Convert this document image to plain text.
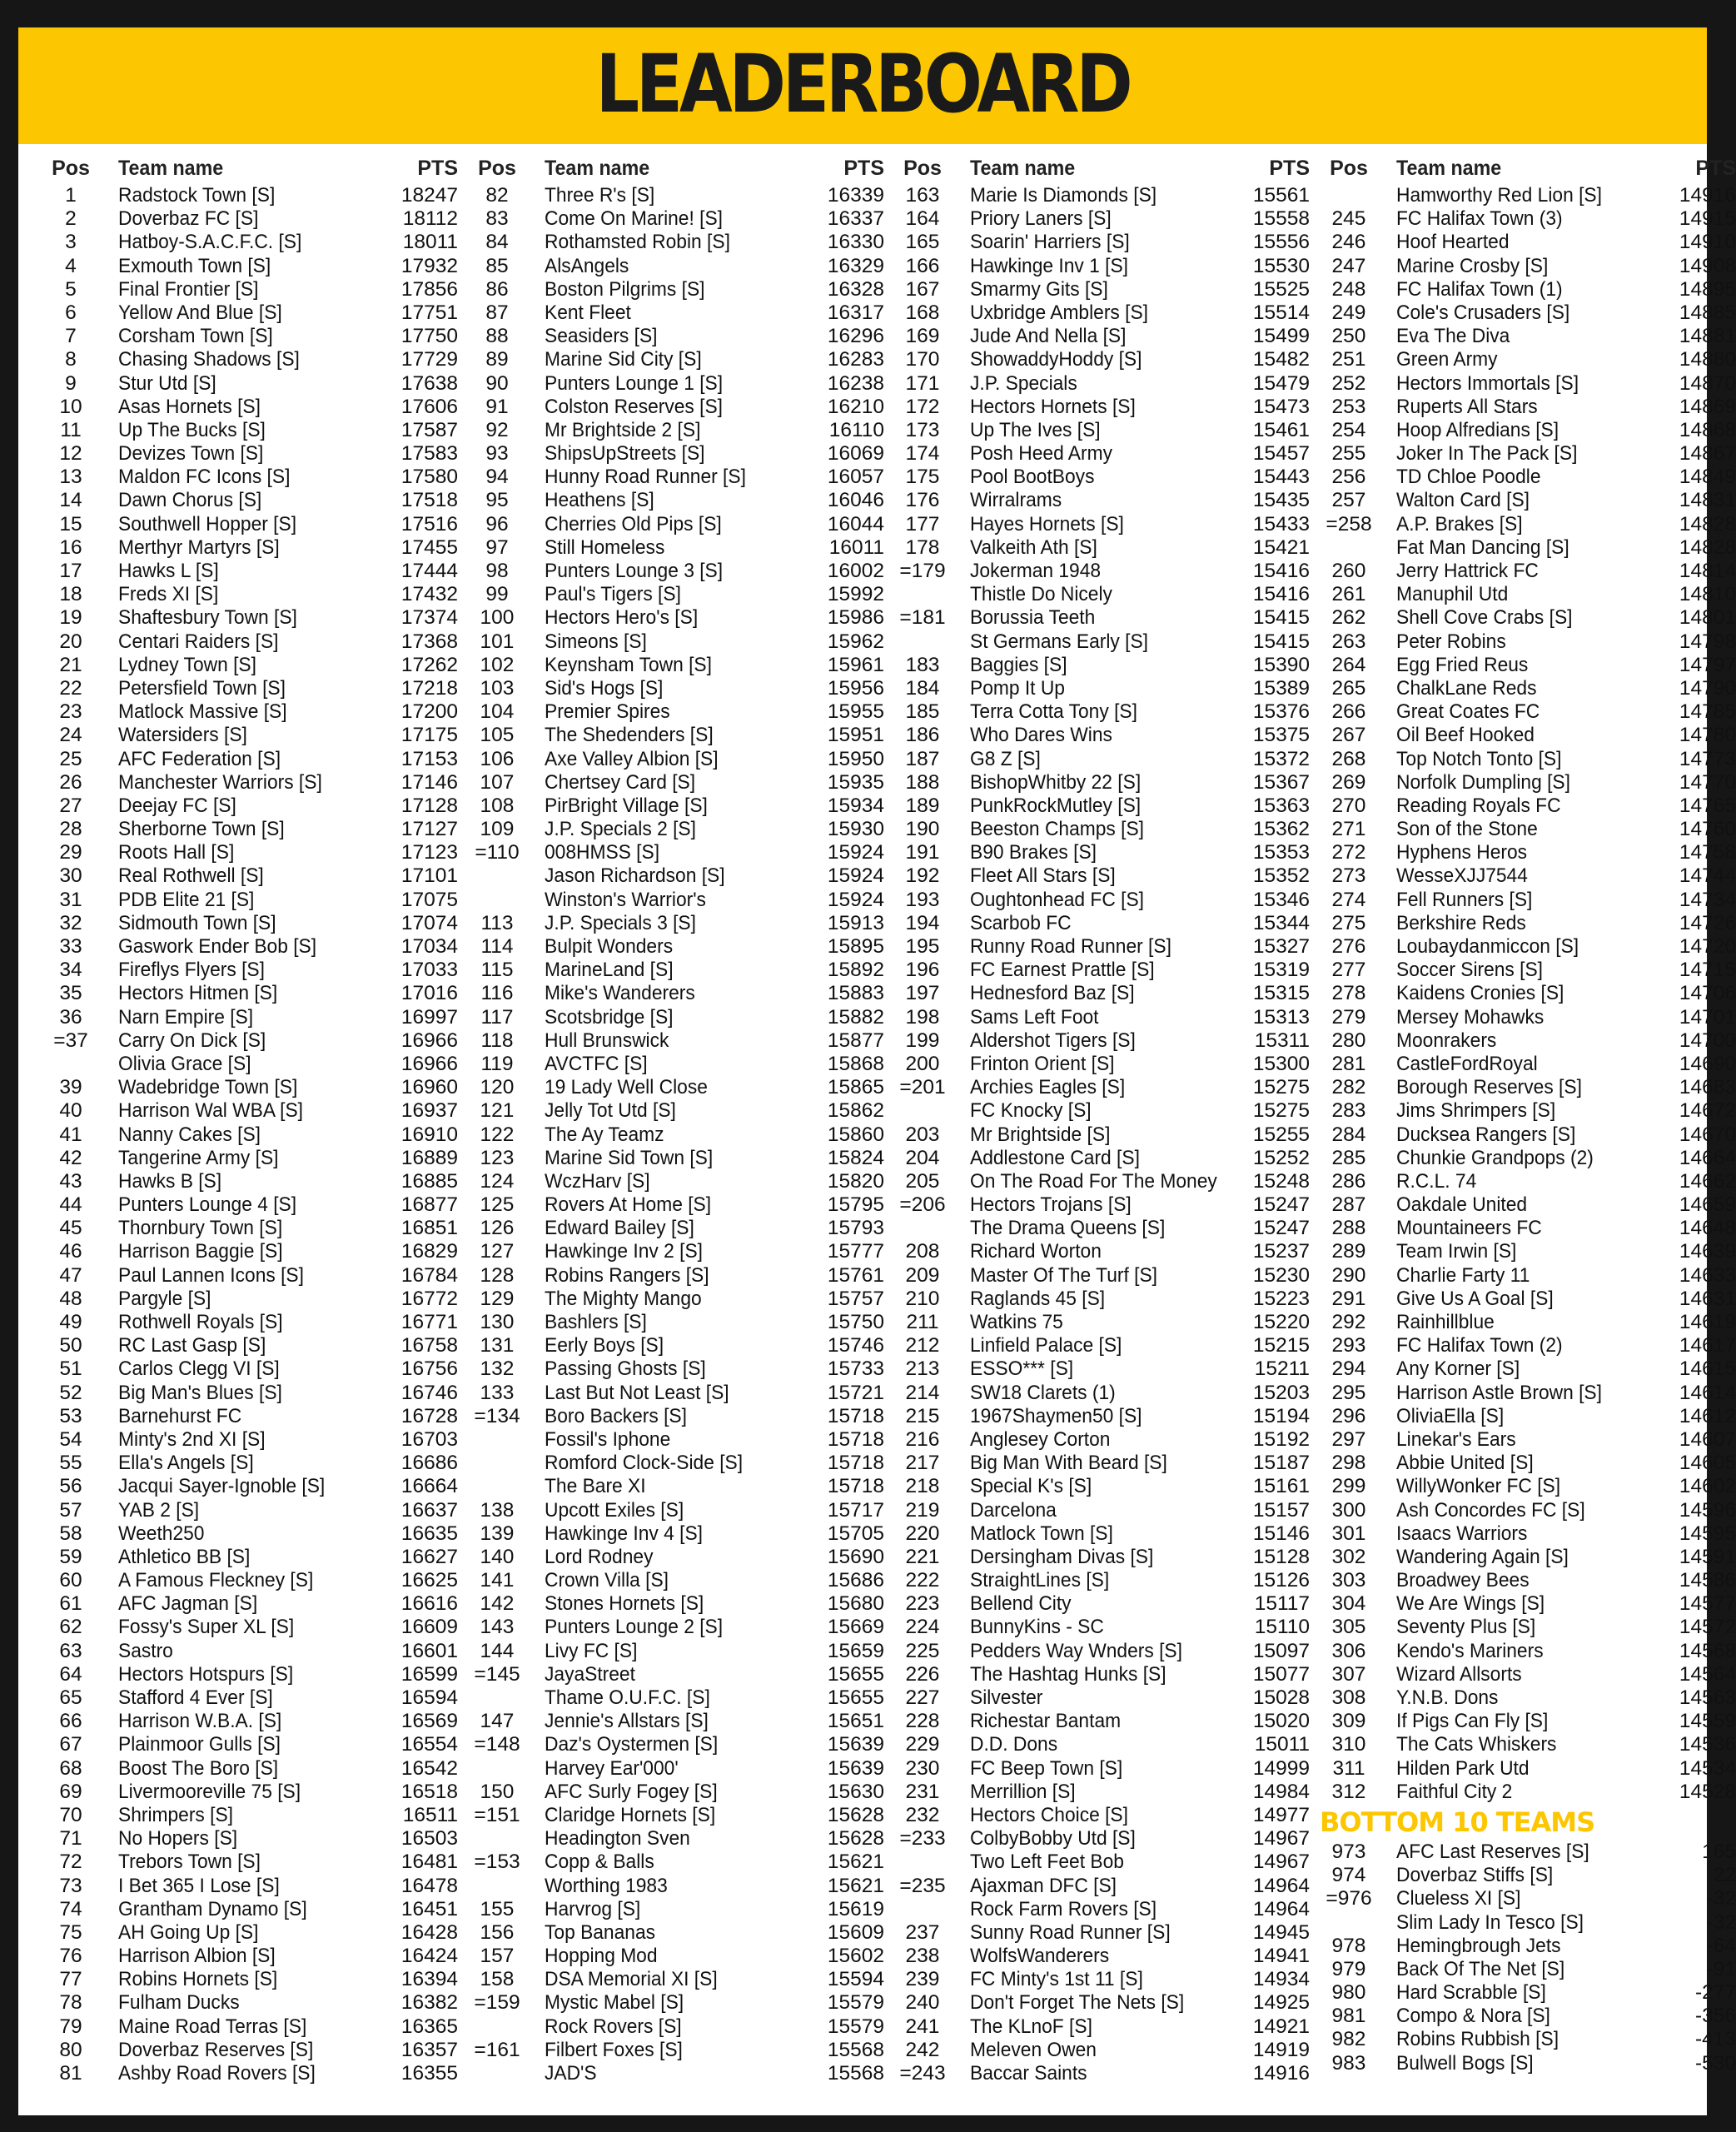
LEADERBOARD
Pos	Team name	PTS
1	Radstock Town [S]	18247
2	Doverbaz FC [S]	18112
3	Hatboy-S.A.C.F.C. [S]	18011
4	Exmouth Town [S]	17932
5	Final Frontier [S]	17856
6	Yellow And Blue [S]	17751
7	Corsham Town [S]	17750
8	Chasing Shadows [S]	17729
9	Stur Utd [S]	17638
10	Asas Hornets [S]	17606
11	Up The Bucks [S]	17587
12	Devizes Town [S]	17583
13	Maldon FC Icons [S]	17580
14	Dawn Chorus [S]	17518
15	Southwell Hopper [S]	17516
16	Merthyr Martyrs [S]	17455
17	Hawks L [S]	17444
18	Freds XI [S]	17432
19	Shaftesbury Town [S]	17374
20	Centari Raiders [S]	17368
21	Lydney Town [S]	17262
22	Petersfield Town [S]	17218
23	Matlock Massive [S]	17200
24	Watersiders [S]	17175
25	AFC Federation [S]	17153
26	Manchester Warriors [S]	17146
27	Deejay FC [S]	17128
28	Sherborne Town [S]	17127
29	Roots Hall [S]	17123
30	Real Rothwell [S]	17101
31	PDB Elite 21 [S]	17075
32	Sidmouth Town [S]	17074
33	Gaswork Ender Bob [S]	17034
34	Fireflys Flyers [S]	17033
35	Hectors Hitmen [S]	17016
36	Narn Empire [S]	16997
=37	Carry On Dick [S]	16966
Olivia Grace [S]	16966
39	Wadebridge Town [S]	16960
40	Harrison Wal WBA [S]	16937
41	Nanny Cakes [S]	16910
42	Tangerine Army [S]	16889
43	Hawks B [S]	16885
44	Punters Lounge 4 [S]	16877
45	Thornbury Town [S]	16851
46	Harrison Baggie [S]	16829
47	Paul Lannen Icons [S]	16784
48	Pargyle [S]	16772
49	Rothwell Royals [S]	16771
50	RC Last Gasp [S]	16758
51	Carlos Clegg VI [S]	16756
52	Big Man's Blues [S]	16746
53	Barnehurst FC	16728
54	Minty's 2nd XI [S]	16703
55	Ella's Angels [S]	16686
56	Jacqui Sayer-Ignoble [S]	16664
57	YAB 2 [S]	16637
58	Weeth250	16635
59	Athletico BB [S]	16627
60	A Famous Fleckney [S]	16625
61	AFC Jagman [S]	16616
62	Fossy's Super XL [S]	16609
63	Sastro	16601
64	Hectors Hotspurs [S]	16599
65	Stafford 4 Ever [S]	16594
66	Harrison W.B.A. [S]	16569
67	Plainmoor Gulls [S]	16554
68	Boost The Boro [S]	16542
69	Livermooreville 75 [S]	16518
70	Shrimpers [S]	16511
71	No Hopers [S]	16503
72	Trebors Town [S]	16481
73	I Bet 365 I Lose [S]	16478
74	Grantham Dynamo [S]	16451
75	AH Going Up [S]	16428
76	Harrison Albion [S]	16424
77	Robins Hornets [S]	16394
78	Fulham Ducks	16382
79	Maine Road Terras [S]	16365
80	Doverbaz Reserves [S]	16357
81	Ashby Road Rovers [S]	16355
Pos	Team name	PTS
82	Three R's [S]	16339
83	Come On Marine! [S]	16337
84	Rothamsted Robin [S]	16330
85	AlsAngels	16329
86	Boston Pilgrims [S]	16328
87	Kent Fleet	16317
88	Seasiders [S]	16296
89	Marine Sid City [S]	16283
90	Punters Lounge 1 [S]	16238
91	Colston Reserves [S]	16210
92	Mr Brightside 2 [S]	16110
93	ShipsUpStreets [S]	16069
94	Hunny Road Runner [S]	16057
95	Heathens [S]	16046
96	Cherries Old Pips [S]	16044
97	Still Homeless	16011
98	Punters Lounge 3 [S]	16002
99	Paul's Tigers [S]	15992
100	Hectors Hero's [S]	15986
101	Simeons [S]	15962
102	Keynsham Town [S]	15961
103	Sid's Hogs [S]	15956
104	Premier Spires	15955
105	The Shedenders [S]	15951
106	Axe Valley Albion [S]	15950
107	Chertsey Card [S]	15935
108	PirBright Village [S]	15934
109	J.P. Specials 2 [S]	15930
=110	008HMSS [S]	15924
Jason Richardson [S]	15924
Winston's Warrior's	15924
113	J.P. Specials 3 [S]	15913
114	Bulpit Wonders	15895
115	MarineLand [S]	15892
116	Mike's Wanderers	15883
117	Scotsbridge [S]	15882
118	Hull Brunswick	15877
119	AVCTFC [S]	15868
120	19 Lady Well Close	15865
121	Jelly Tot Utd [S]	15862
122	The Ay Teamz	15860
123	Marine Sid Town [S]	15824
124	WczHarv [S]	15820
125	Rovers At Home [S]	15795
126	Edward Bailey [S]	15793
127	Hawkinge Inv 2 [S]	15777
128	Robins Rangers [S]	15761
129	The Mighty Mango	15757
130	Bashlers [S]	15750
131	Eerly Boys [S]	15746
132	Passing Ghosts [S]	15733
133	Last But Not Least [S]	15721
=134	Boro Backers [S]	15718
Fossil's Iphone	15718
Romford Clock-Side [S]	15718
The Bare XI	15718
138	Upcott Exiles [S]	15717
139	Hawkinge Inv 4 [S]	15705
140	Lord Rodney	15690
141	Crown Villa [S]	15686
142	Stones Hornets [S]	15680
143	Punters Lounge 2 [S]	15669
144	Livy FC [S]	15659
=145	JayaStreet	15655
Thame O.U.F.C. [S]	15655
147	Jennie's Allstars [S]	15651
=148	Daz's Oystermen [S]	15639
Harvey Ear'000'	15639
150	AFC Surly Fogey [S]	15630
=151	Claridge Hornets [S]	15628
Headington Sven	15628
=153	Copp & Balls	15621
Worthing 1983	15621
155	Harvrog [S]	15619
156	Top Bananas	15609
157	Hopping Mod	15602
158	DSA Memorial XI [S]	15594
=159	Mystic Mabel [S]	15579
Rock Rovers [S]	15579
=161	Filbert Foxes [S]	15568
JAD'S	15568
Pos	Team name	PTS
163	Marie Is Diamonds [S]	15561
164	Priory Laners [S]	15558
165	Soarin' Harriers [S]	15556
166	Hawkinge Inv 1 [S]	15530
167	Smarmy Gits [S]	15525
168	Uxbridge Amblers [S]	15514
169	Jude And Nella [S]	15499
170	ShowaddyHoddy [S]	15482
171	J.P. Specials	15479
172	Hectors Hornets [S]	15473
173	Up The Ives [S]	15461
174	Posh Heed Army	15457
175	Pool BootBoys	15443
176	Wirralrams	15435
177	Hayes Hornets [S]	15433
178	Valkeith Ath [S]	15421
=179	Jokerman 1948	15416
Thistle Do Nicely	15416
=181	Borussia Teeth	15415
St Germans Early [S]	15415
183	Baggies [S]	15390
184	Pomp It Up	15389
185	Terra Cotta Tony [S]	15376
186	Who Dares Wins	15375
187	G8 Z [S]	15372
188	BishopWhitby 22 [S]	15367
189	PunkRockMutley [S]	15363
190	Beeston Champs [S]	15362
191	B90 Brakes [S]	15353
192	Fleet All Stars [S]	15352
193	Oughtonhead FC [S]	15346
194	Scarbob FC	15344
195	Runny Road Runner [S]	15327
196	FC Earnest Prattle [S]	15319
197	Hednesford Baz [S]	15315
198	Sams Left Foot	15313
199	Aldershot Tigers [S]	15311
200	Frinton Orient [S]	15300
=201	Archies Eagles [S]	15275
FC Knocky [S]	15275
203	Mr Brightside [S]	15255
204	Addlestone Card [S]	15252
205	On The Road For The Money	15248
=206	Hectors Trojans [S]	15247
The Drama Queens [S]	15247
208	Richard Worton	15237
209	Master Of The Turf [S]	15230
210	Raglands 45 [S]	15223
211	Watkins 75	15220
212	Linfield Palace [S]	15215
213	ESSO*** [S]	15211
214	SW18 Clarets (1)	15203
215	1967Shaymen50 [S]	15194
216	Anglesey Corton	15192
217	Big Man With Beard [S]	15187
218	Special K's [S]	15161
219	Darcelona	15157
220	Matlock Town [S]	15146
221	Dersingham Divas [S]	15128
222	StraightLines [S]	15126
223	Bellend City	15117
224	BunnyKins - SC	15110
225	Pedders Way Wnders [S]	15097
226	The Hashtag Hunks [S]	15077
227	Silvester	15028
228	Richestar Bantam	15020
229	D.D. Dons	15011
230	FC Beep Town [S]	14999
231	Merrillion [S]	14984
232	Hectors Choice [S]	14977
=233	ColbyBobby Utd [S]	14967
Two Left Feet Bob	14967
=235	Ajaxman DFC [S]	14964
Rock Farm Rovers [S]	14964
237	Sunny Road Runner [S]	14945
238	WolfsWanderers	14941
239	FC Minty's 1st 11 [S]	14934
240	Don't Forget The Nets [S]	14925
241	The KLnoF [S]	14921
242	Meleven Owen	14919
=243	Baccar Saints	14916
Pos	Team name	PTS
Hamworthy Red Lion [S]	14916
245	FC Halifax Town (3)	14915
246	Hoof Hearted	14910
247	Marine Crosby [S]	14908
248	FC Halifax Town (1)	14895
249	Cole's Crusaders [S]	14885
250	Eva The Diva	14881
251	Green Army	14880
252	Hectors Immortals [S]	14870
253	Ruperts All Stars	14869
254	Hoop Alfredians [S]	14868
255	Joker In The Pack [S]	14867
256	TD Chloe Poodle	14849
257	Walton Card [S]	14831
=258	A.P. Brakes [S]	14828
Fat Man Dancing [S]	14828
260	Jerry Hattrick FC	14814
261	Manuphil Utd	14810
262	Shell Cove Crabs [S]	14801
263	Peter Robins	14798
264	Egg Fried Reus	14797
265	ChalkLane Reds	14790
266	Great Coates FC	14785
267	Oil Beef Hooked	14780
268	Top Notch Tonto [S]	14773
269	Norfolk Dumpling [S]	14770
270	Reading Royals FC	14765
271	Son of the Stone	14760
272	Hyphens Heros	14758
273	WesseXJJ7544	14744
274	Fell Runners [S]	14734
275	Berkshire Reds	14726
276	Loubaydanmiccon [S]	14720
277	Soccer Sirens [S]	14715
278	Kaidens Cronies [S]	14706
279	Mersey Mohawks	14701
280	Moonrakers	14700
281	CastleFordRoyal	14690
282	Borough Reserves [S]	14683
283	Jims Shrimpers [S]	14672
284	Ducksea Rangers [S]	14670
285	Chunkie Grandpops (2)	14664
286	R.C.L. 74	14662
287	Oakdale United	14659
288	Mountaineers FC	14648
289	Team Irwin [S]	14639
290	Charlie Farty 11	14633
291	Give Us A Goal [S]	14631
292	Rainhillblue	14619
293	FC Halifax Town (2)	14617
294	Any Korner [S]	14615
295	Harrison Astle Brown [S]	14614
296	OliviaElla [S]	14612
297	Linekar's Ears	14607
298	Abbie United [S]	14605
299	WillyWonker FC [S]	14602
300	Ash Concordes FC [S]	14596
301	Isaacs Warriors	14595
302	Wandering Again [S]	14591
303	Broadwey Bees	14586
304	We Are Wings [S]	14577
305	Seventy Plus [S]	14572
306	Kendo's Mariners	14568
307	Wizard Allsorts	14564
308	Y.N.B. Dons	14563
309	If Pigs Can Fly [S]	14559
310	The Cats Whiskers	14536
311	Hilden Park Utd	14534
312	Faithful City 2	14528
BOTTOM 10 TEAMS
973	AFC Last Reserves [S]	165
974	Doverbaz Stiffs [S]	22
=976	Clueless XI [S]	-32
Slim Lady In Tesco [S]	-32
978	Hemingbrough Jets	-64
979	Back Of The Net [S]	-91
980	Hard Scrabble [S]	-277
981	Compo & Nora [S]	-356
982	Robins Rubbish [S]	-413
983	Bulwell Bogs [S]	-530
